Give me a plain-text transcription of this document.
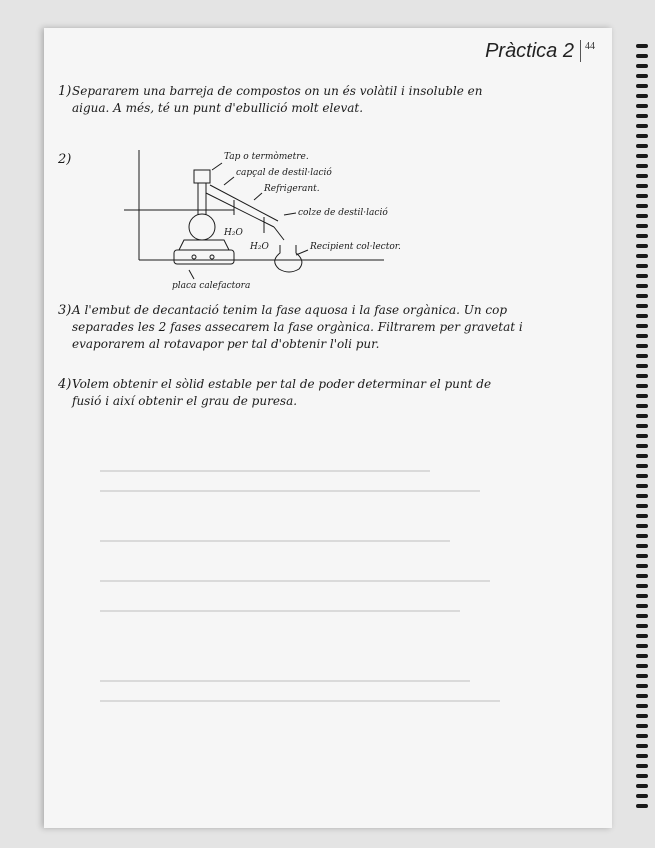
Pràctica 2	44
1) Separarem una barreja de compostos on un és volàtil i insoluble en aigua. A més, té un punt d'ebullició molt elevat.
2)	Tap o termòmetre.
capçal de destil·lació
Refrigerant.
colze de destil·lació
H₂O
H₂O	Recipient col·lector.
placa calefactora
3) A l'embut de decantació tenim la fase aquosa i la fase orgànica. Un cop separades les 2 fases assecarem la fase orgànica. Filtrarem per gravetat i evaporarem al rotavapor per tal d'obtenir l'oli pur.
4) Volem obtenir el sòlid estable per tal de poder determinar el punt de fusió i així obtenir el grau de puresa.
